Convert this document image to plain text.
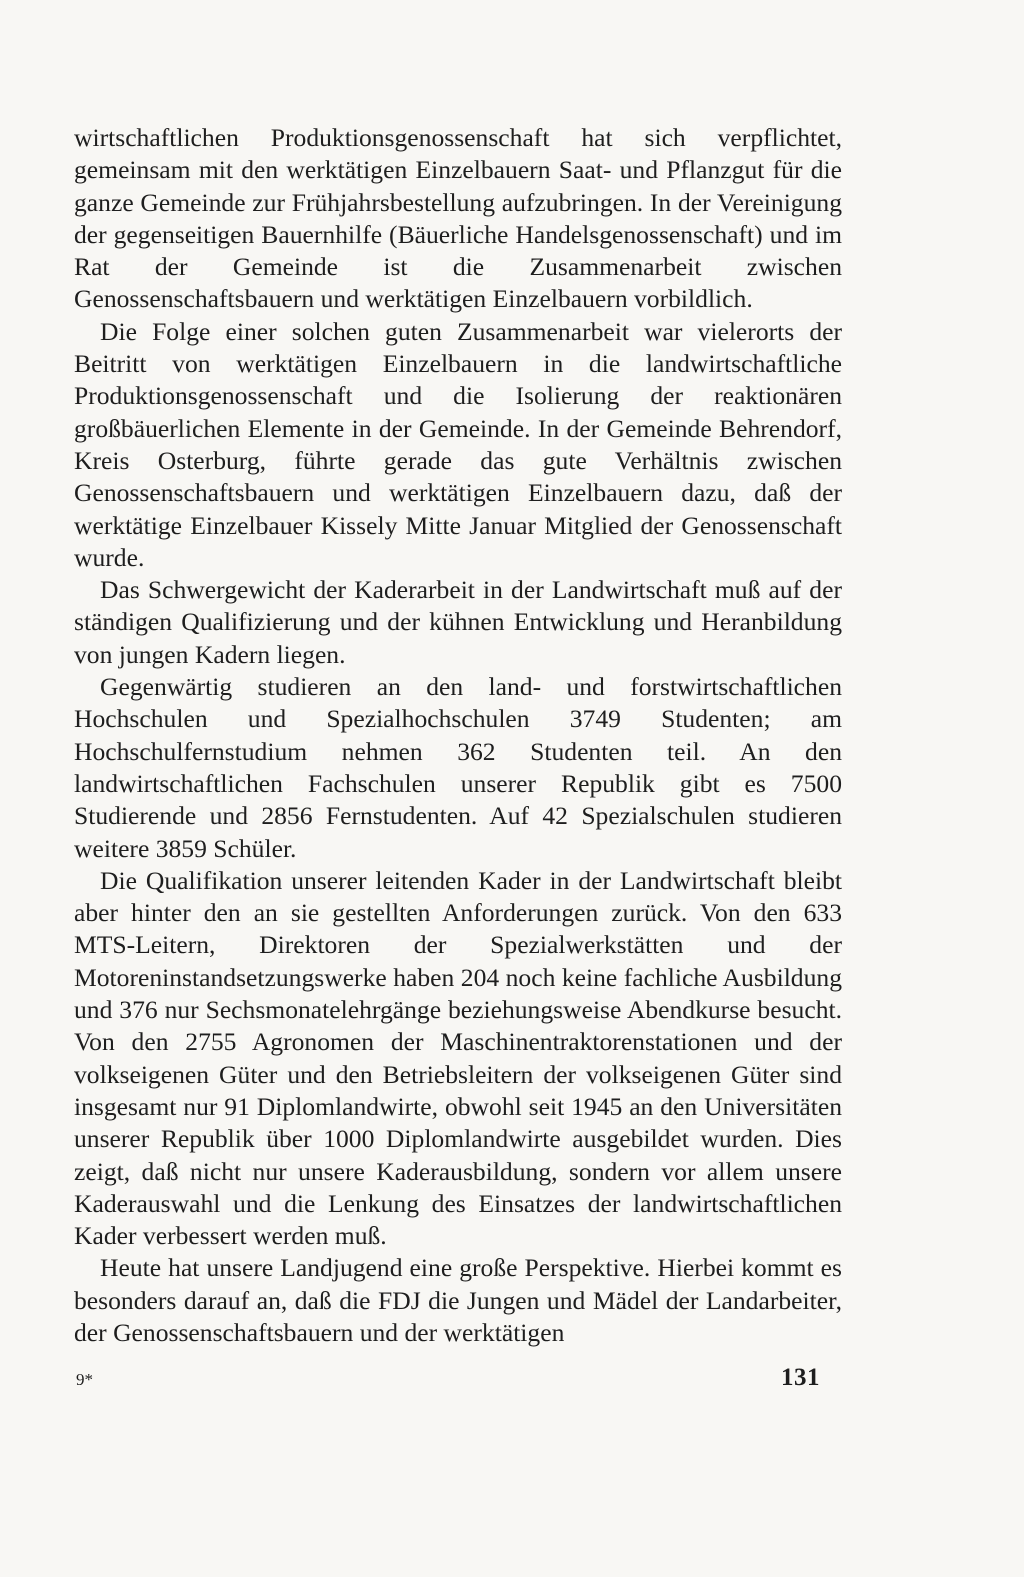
wirtschaftlichen Produktionsgenossenschaft hat sich verpflichtet, gemeinsam mit den werktätigen Einzelbauern Saat- und Pflanzgut für die ganze Gemeinde zur Frühjahrsbestellung aufzubringen. In der Vereinigung der gegenseitigen Bauernhilfe (Bäuerliche Handelsgenossenschaft) und im Rat der Gemeinde ist die Zusammenarbeit zwischen Genossenschaftsbauern und werktätigen Einzelbauern vorbildlich.

Die Folge einer solchen guten Zusammenarbeit war vielerorts der Beitritt von werktätigen Einzelbauern in die landwirtschaftliche Produktionsgenossenschaft und die Isolierung der reaktionären großbäuerlichen Elemente in der Gemeinde. In der Gemeinde Behrendorf, Kreis Osterburg, führte gerade das gute Verhältnis zwischen Genossenschaftsbauern und werktätigen Einzelbauern dazu, daß der werktätige Einzelbauer Kissely Mitte Januar Mitglied der Genossenschaft wurde.

Das Schwergewicht der Kaderarbeit in der Landwirtschaft muß auf der ständigen Qualifizierung und der kühnen Entwicklung und Heranbildung von jungen Kadern liegen.

Gegenwärtig studieren an den land- und forstwirtschaftlichen Hochschulen und Spezialhochschulen 3749 Studenten; am Hochschulfernstudium nehmen 362 Studenten teil. An den landwirtschaftlichen Fachschulen unserer Republik gibt es 7500 Studierende und 2856 Fernstudenten. Auf 42 Spezialschulen studieren weitere 3859 Schüler.

Die Qualifikation unserer leitenden Kader in der Landwirtschaft bleibt aber hinter den an sie gestellten Anforderungen zurück. Von den 633 MTS-Leitern, Direktoren der Spezialwerkstätten und der Motoreninstandsetzungswerke haben 204 noch keine fachliche Ausbildung und 376 nur Sechsmonatelehrgänge beziehungsweise Abendkurse besucht. Von den 2755 Agronomen der Maschinentraktorenstationen und der volkseigenen Güter und den Betriebsleitern der volkseigenen Güter sind insgesamt nur 91 Diplomlandwirte, obwohl seit 1945 an den Universitäten unserer Republik über 1000 Diplomlandwirte ausgebildet wurden. Dies zeigt, daß nicht nur unsere Kaderausbildung, sondern vor allem unsere Kaderauswahl und die Lenkung des Einsatzes der landwirtschaftlichen Kader verbessert werden muß.

Heute hat unsere Landjugend eine große Perspektive. Hierbei kommt es besonders darauf an, daß die FDJ die Jungen und Mädel der Landarbeiter, der Genossenschaftsbauern und der werktätigen

9*	131
